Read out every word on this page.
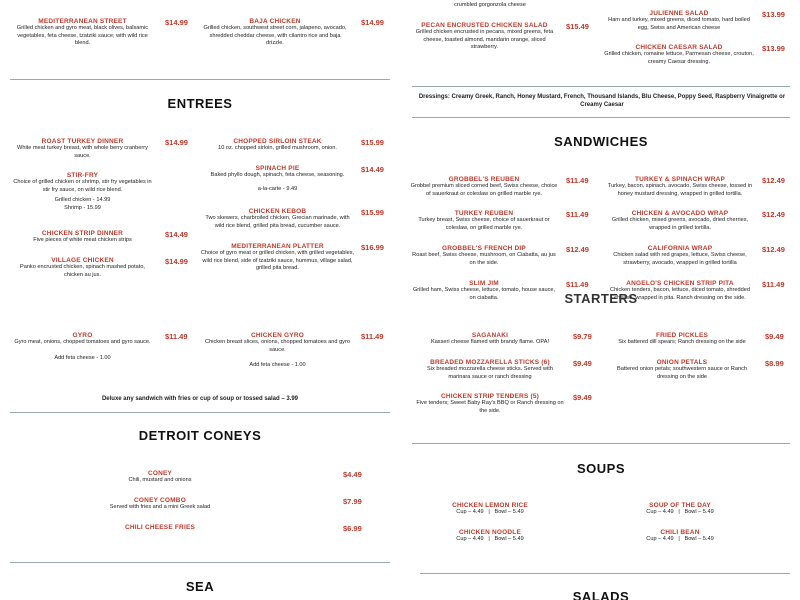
MEDITERRANEAN STREET
Grilled chicken and gyro meat, black olives, balsamic vegetables, feta cheese, tzatziki sauce; with wild rice blend.
$14.99	BAJA CHICKEN
Grilled chicken, southwest street corn, jalapeno, avocado, shredded cheddar cheese, with cilantro rice and baja drizzle.
$14.99
crumbled gorgonzola cheese
PECAN ENCRUSTED CHICKEN SALAD
Grilled chicken encrusted in pecans, mixed greens, feta cheese, toasted almond, mandarin orange, sliced strawberry.
$15.49
JULIENNE SALAD
Ham and turkey, mixed greens, diced tomato, hard boiled egg, Swiss and American cheese
$13.99
CHICKEN CAESAR SALAD
Grilled chicken, romaine lettuce, Parmesan cheese, crouton, creamy Caesar dressing.
$13.99
Dressings: Creamy Greek, Ranch, Honey Mustard, French, Thousand Islands, Blu Cheese, Poppy Seed, Raspberry Vinaigrette or Creamy Caesar
ENTREES
ROAST TURKEY DINNER
White meat turkey breast, with whole berry cranberry sauce.
$14.99
STIR-FRY
Choice of grilled chicken or shrimp, stir fry vegetables in stir fry sauce, on wild rice blend.
Grilled chicken - 14.99
Shrimp - 15.99
CHICKEN STRIP DINNER
Five pieces of white meat chicken strips
$14.49
VILLAGE CHICKEN
Panko encrusted chicken, spinach mashed potato, chicken au jus.
$14.99
CHOPPED SIRLOIN STEAK
10 oz. chopped sirloin, grilled mushroom, onion.
$15.99
SPINACH PIE
Baked phyllo dough, spinach, feta cheese, seasoning.
a-la-carte - 9.49
$14.49
CHICKEN KEBOB
Two skewers, charbroiled chicken, Grecian marinade, with wild rice blend, grilled pita bread, cucumber sauce.
$15.99
MEDITERRANEAN PLATTER
Choice of gyro meat or grilled chicken, with grilled vegetables, wild rice blend, side of tzatziki sauce, hummus, village salad, grilled pita bread.
$16.99
GYRO
Gyro meat, onions, chopped tomatoes and gyro sauce.
Add feta cheese - 1.00
$11.49	CHICKEN GYRO
Chicken breast slices, onions, chopped tomatoes and gyro sauce.
Add feta cheese - 1.00
$11.49
Deluxe any sandwich with fries or cup of soup or tossed salad – 3.99
DETROIT CONEYS
CONEY
Chili, mustard and onions
$4.49
CONEY COMBO
Served with fries and a mini Greek salad
$7.99
CHILI CHEESE FRIES	$6.99
SEA
SANDWICHES
GROBBEL'S REUBEN
Grobbel premium sliced corned beef, Swiss cheese, choice of sauerkraut or coleslaw on grilled marble rye.
$11.49
TURKEY REUBEN
Turkey breast, Swiss cheese, choice of sauerkraut or coleslaw, on grilled marble rye.
$11.49
GROBBEL'S FRENCH DIP
Roast beef, Swiss cheese, mushroom, on Ciabatta, au jus on the side.
$12.49
SLIM JIM
Grilled ham, Swiss cheese, lettuce, tomato, house sauce, on ciabatta.
$11.49
TURKEY & SPINACH WRAP
Turkey, bacon, spinach, avocado, Swiss cheese, tossed in honey mustard dressing, wrapped in grilled tortilla.
$12.49
CHICKEN & AVOCADO WRAP
Grilled chicken, mixed greens, avocado, dried cherries, wrapped in grilled tortilla.
$12.49
CALIFORNIA WRAP
Chicken salad with red grapes, lettuce, Swiss cheese, strawberry, avocado, wrapped in grilled tortilla
$12.49
ANGELO'S CHICKEN STRIP PITA
Chicken tenders, bacon, lettuce, diced tomato, shredded cheese, wrapped in pita. Ranch dressing on the side.
$11.49
STARTERS
SAGANAKI
Kasseri cheese flamed with brandy flame. OPA!
$9.79
BREADED MOZZARELLA STICKS (6)
Six breaded mozzarella cheese sticks. Served with marinara sauce or ranch dressing
$9.49
CHICKEN STRIP TENDERS (5)
Five tenders; Sweet Baby Ray's BBQ or Ranch dressing on the side.
$9.49
FRIED PICKLES
Six battered dill spears; Ranch dressing on the side
$9.49
ONION PETALS
Battered onion petals; southwestern sauce or Ranch dressing on the side
$8.99
SOUPS
CHICKEN LEMON RICE
Cup – 4.49 | Bowl – 5.49
SOUP OF THE DAY
Cup – 4.49 | Bowl – 5.49
CHICKEN NOODLE
Cup – 4.49 | Bowl – 5.49
CHILI BEAN
Cup – 4.49 | Bowl – 5.49
SALADS
